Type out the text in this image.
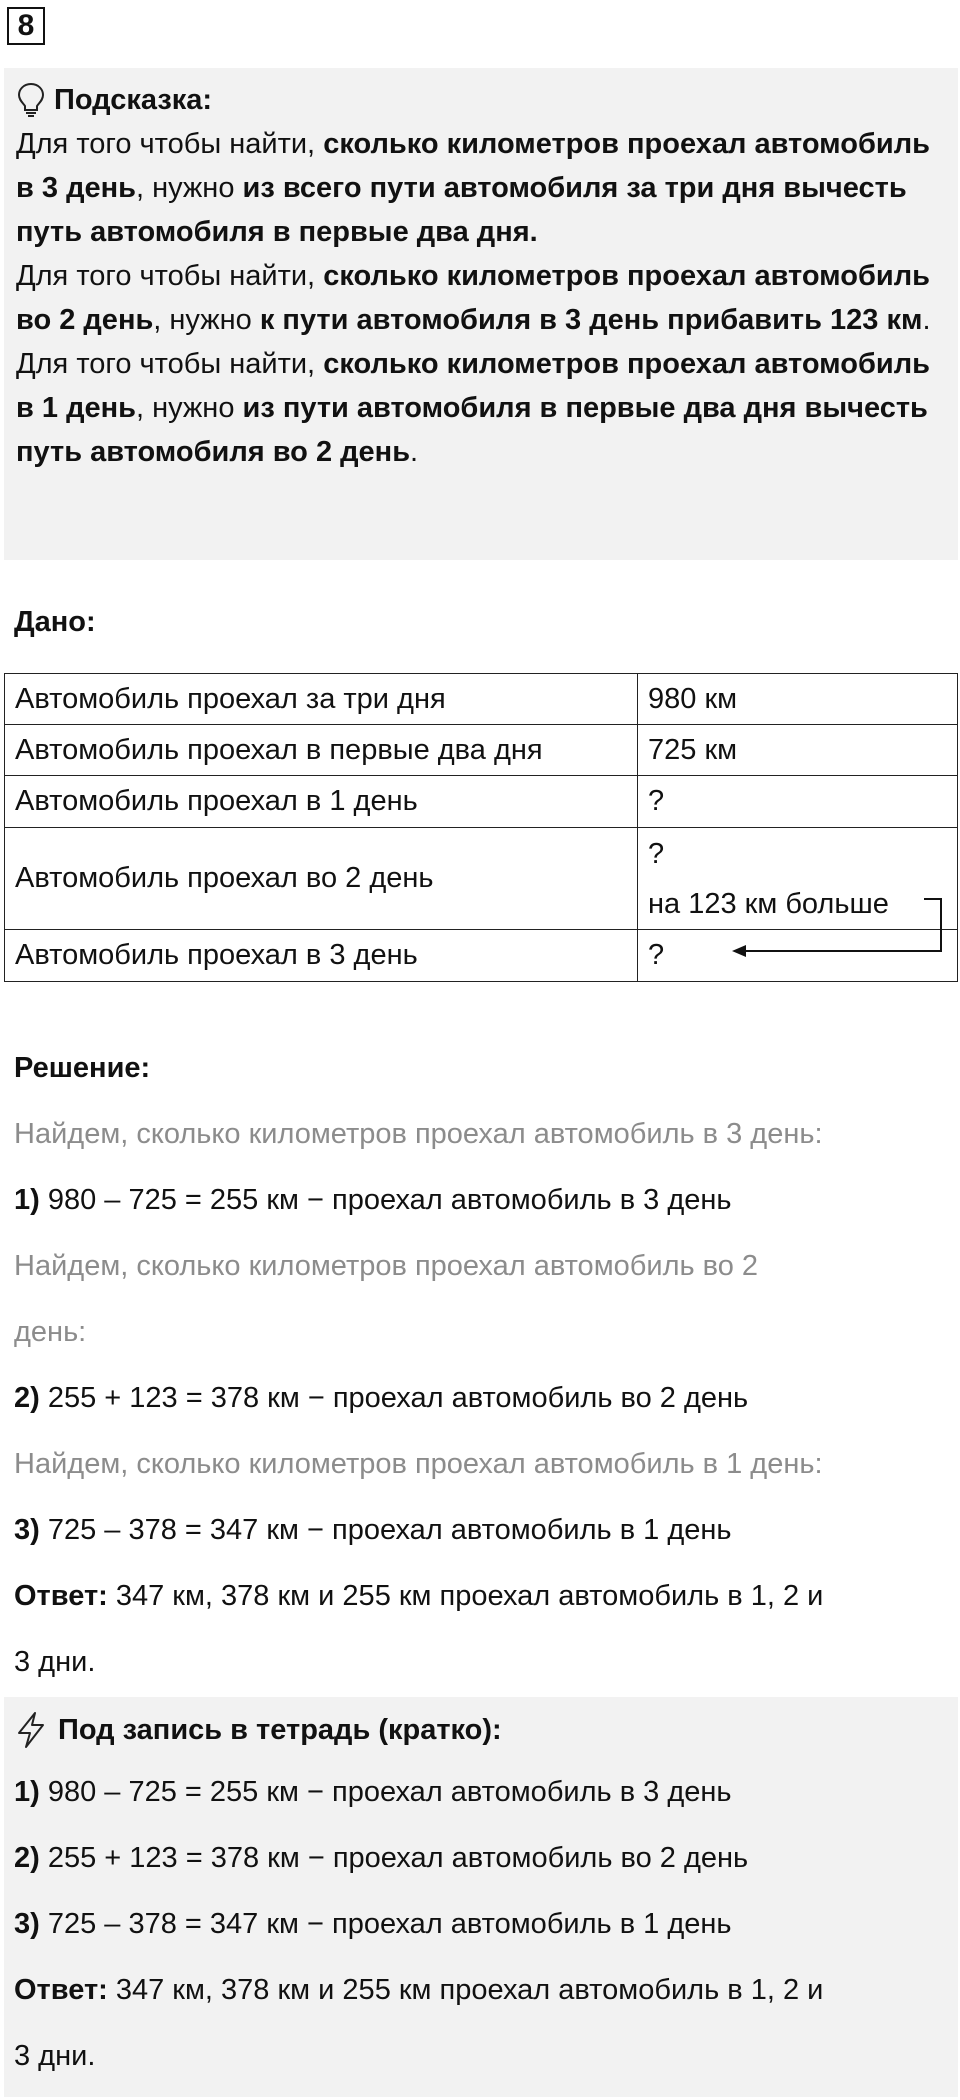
8
Подсказка:

Для того чтобы найти, сколько километров проехал автомобиль в 3 день, нужно из всего пути автомобиля за три дня вычесть путь автомобиля в первые два дня.

Для того чтобы найти, сколько километров проехал автомобиль во 2 день, нужно к пути автомобиля в 3 день прибавить 123 км.

Для того чтобы найти, сколько километров проехал автомобиль в 1 день, нужно из пути автомобиля в первые два дня вычесть путь автомобиля во 2 день.

Дано:
Автомобиль проехал за три дня	980 км
Автомобиль проехал в первые два дня	725 км
Автомобиль проехал в 1 день	?
Автомобиль проехал во 2 день	?
на 123 км больше

Автомобиль проехал в 3 день	?
Решение:
Найдем, сколько километров проехал автомобиль в 3 день:
1) 980 – 725 = 255 км − проехал автомобиль в 3 день
Найдем, сколько километров проехал автомобиль во 2
день:
2) 255 + 123 = 378 км − проехал автомобиль во 2 день
Найдем, сколько километров проехал автомобиль в 1 день:
3) 725 – 378 = 347 км − проехал автомобиль в 1 день
Ответ: 347 км, 378 км и 255 км проехал автомобиль в 1, 2 и
3 дни.
Под запись в тетрадь (кратко):
1) 980 – 725 = 255 км − проехал автомобиль в 3 день
2) 255 + 123 = 378 км − проехал автомобиль во 2 день
3) 725 – 378 = 347 км − проехал автомобиль в 1 день
Ответ: 347 км, 378 км и 255 км проехал автомобиль в 1, 2 и
3 дни.
